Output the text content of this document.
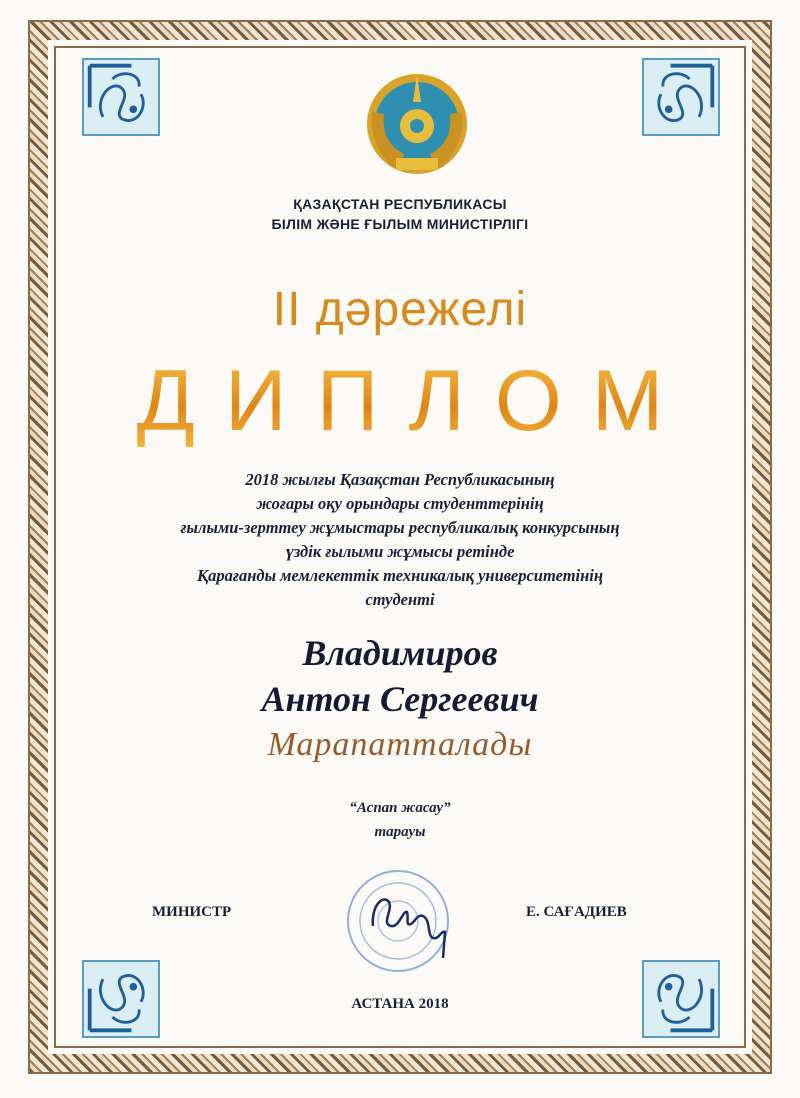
ҚАЗАҚСТАН РЕСПУБЛИКАСЫ
БІЛІМ ЖӘНЕ ҒЫЛЫМ МИНИСТІРЛІГІ
II дәрежелі
ДИПЛОМ
2018 жылғы Қазақстан Республикасының
жоғары оқу орындары студенттерінің
ғылыми-зерттеу жұмыстары республикалық конкурсының
үздік ғылыми жұмысы ретінде
Қарағанды мемлекеттік техникалық университетінің
студенті
Владимиров
Антон Сергеевич
Марапатталады
“Аспап жасау”
тарауы
МИНИСТР	Е. САҒАДИЕВ
АСТАНА 2018
